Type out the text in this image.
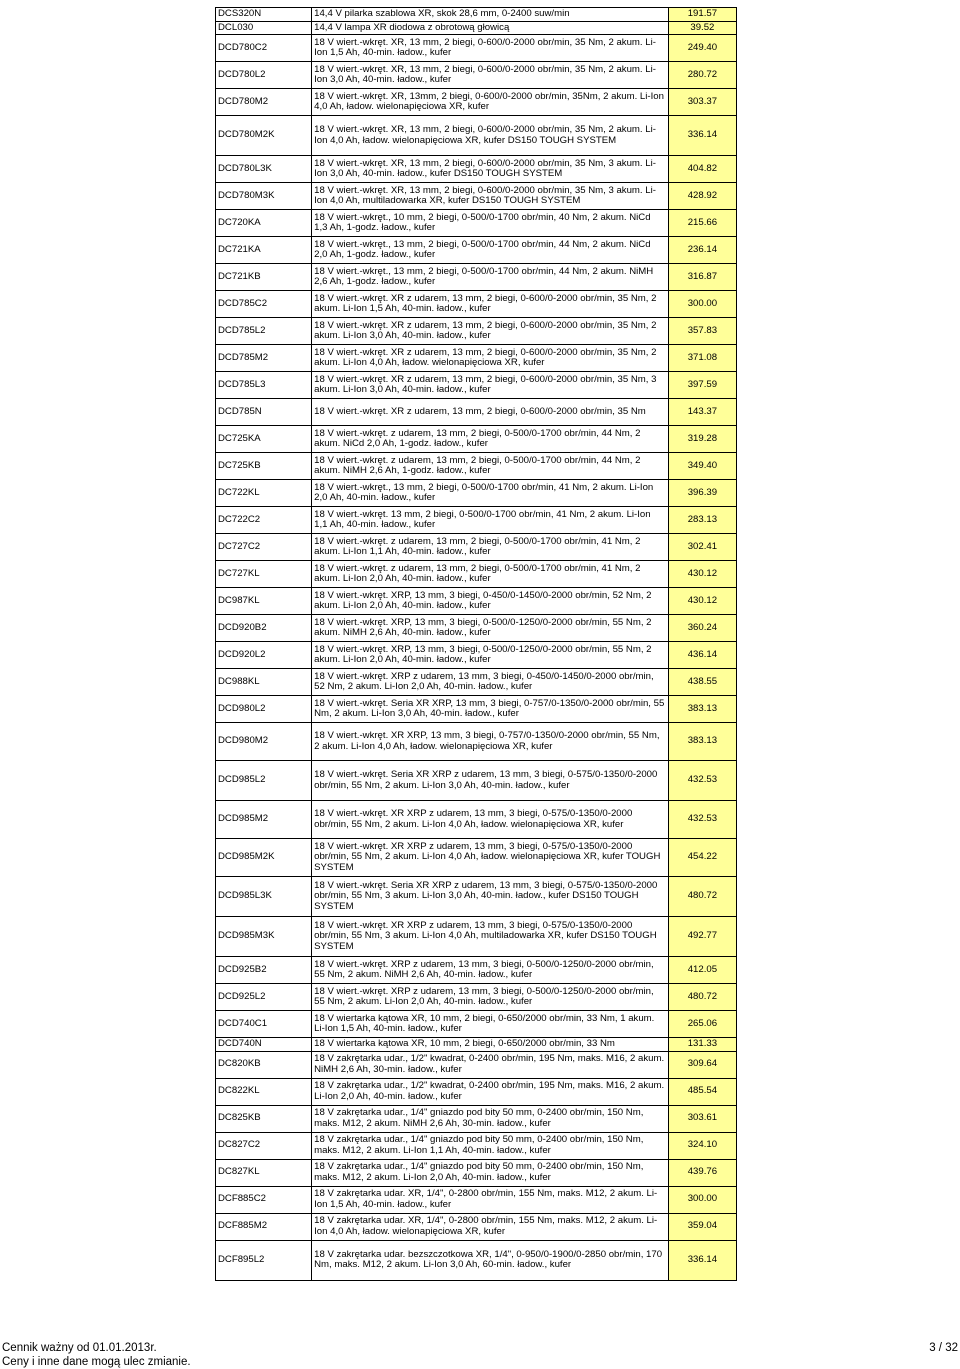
DCS320N	14,4 V pilarka szablowa XR, skok 28,6 mm, 0-2400 suw/min	191.57
DCL030	14,4 V lampa XR diodowa z obrotową głowicą	39.52
DCD780C2	18 V wiert.-wkręt. XR, 13 mm, 2 biegi, 0-600/0-2000 obr/min, 35 Nm, 2 akum. Li-Ion 1,5 Ah, 40-min. ładow., kufer	249.40
DCD780L2	18 V wiert.-wkręt. XR, 13 mm, 2 biegi, 0-600/0-2000 obr/min, 35 Nm, 2 akum. Li-Ion 3,0 Ah, 40-min. ładow., kufer	280.72
DCD780M2	18 V wiert.-wkręt. XR, 13mm, 2 biegi, 0-600/0-2000 obr/min, 35Nm, 2 akum. Li-Ion 4,0 Ah, ładow. wielonapięciowa XR, kufer	303.37
DCD780M2K	18 V wiert.-wkręt. XR, 13 mm, 2 biegi, 0-600/0-2000 obr/min, 35 Nm, 2 akum. Li-Ion 4,0 Ah, ładow. wielonapięciowa XR, kufer DS150 TOUGH SYSTEM	336.14
DCD780L3K	18 V wiert.-wkręt. XR, 13 mm, 2 biegi, 0-600/0-2000 obr/min, 35 Nm, 3 akum. Li-Ion 3,0 Ah, 40-min. ładow., kufer DS150 TOUGH SYSTEM	404.82
DCD780M3K	18 V wiert.-wkręt. XR, 13 mm, 2 biegi, 0-600/0-2000 obr/min, 35 Nm, 3 akum. Li-Ion 4,0 Ah, multiladowarka XR, kufer DS150 TOUGH SYSTEM	428.92
DC720KA	18 V wiert.-wkręt., 10 mm, 2 biegi, 0-500/0-1700 obr/min, 40 Nm, 2 akum. NiCd 1,3 Ah, 1-godz. ładow., kufer	215.66
DC721KA	18 V wiert.-wkręt., 13 mm, 2 biegi, 0-500/0-1700 obr/min, 44 Nm, 2 akum. NiCd 2,0 Ah, 1-godz. ładow., kufer	236.14
DC721KB	18 V wiert.-wkręt., 13 mm, 2 biegi, 0-500/0-1700 obr/min, 44 Nm, 2 akum. NiMH 2,6 Ah, 1-godz. ładow., kufer	316.87
DCD785C2	18 V wiert.-wkręt. XR z udarem, 13 mm, 2 biegi, 0-600/0-2000 obr/min, 35 Nm, 2 akum. Li-Ion 1,5 Ah, 40-min. ładow., kufer	300.00
DCD785L2	18 V wiert.-wkręt. XR z udarem, 13 mm, 2 biegi, 0-600/0-2000 obr/min, 35 Nm, 2 akum. Li-Ion 3,0 Ah, 40-min. ładow., kufer	357.83
DCD785M2	18 V wiert.-wkręt. XR z udarem, 13 mm, 2 biegi, 0-600/0-2000 obr/min, 35 Nm, 2 akum. Li-Ion 4,0 Ah, ładow. wielonapięciowa XR, kufer	371.08
DCD785L3	18 V wiert.-wkręt. XR z udarem, 13 mm, 2 biegi, 0-600/0-2000 obr/min, 35 Nm, 3 akum. Li-Ion 3,0 Ah, 40-min. ładow., kufer	397.59
DCD785N	18 V wiert.-wkręt. XR z udarem, 13 mm, 2 biegi, 0-600/0-2000 obr/min, 35 Nm	143.37
DC725KA	18 V wiert.-wkręt. z udarem, 13 mm, 2 biegi, 0-500/0-1700 obr/min, 44 Nm, 2 akum. NiCd 2,0 Ah, 1-godz. ładow., kufer	319.28
DC725KB	18 V wiert.-wkręt. z udarem, 13 mm, 2 biegi, 0-500/0-1700 obr/min, 44 Nm, 2 akum. NiMH 2,6 Ah, 1-godz. ładow., kufer	349.40
DC722KL	18 V wiert.-wkręt., 13 mm, 2 biegi, 0-500/0-1700 obr/min, 41 Nm, 2 akum. Li-Ion 2,0 Ah, 40-min. ładow., kufer	396.39
DC722C2	18 V wiert.-wkręt. 13 mm, 2 biegi, 0-500/0-1700 obr/min, 41 Nm, 2 akum. Li-Ion 1,1 Ah, 40-min. ładow., kufer	283.13
DC727C2	18 V wiert.-wkręt. z udarem, 13 mm, 2 biegi, 0-500/0-1700 obr/min, 41 Nm, 2 akum. Li-Ion 1,1 Ah, 40-min. ładow., kufer	302.41
DC727KL	18 V wiert.-wkręt. z udarem, 13 mm, 2 biegi, 0-500/0-1700 obr/min, 41 Nm, 2 akum. Li-Ion 2,0 Ah, 40-min. ładow., kufer	430.12
DC987KL	18 V wiert.-wkręt. XRP, 13 mm, 3 biegi, 0-450/0-1450/0-2000 obr/min, 52 Nm, 2 akum. Li-Ion 2,0 Ah, 40-min. ładow., kufer	430.12
DCD920B2	18 V wiert.-wkręt. XRP, 13 mm, 3 biegi, 0-500/0-1250/0-2000 obr/min, 55 Nm, 2 akum. NiMH 2,6 Ah, 40-min. ładow., kufer	360.24
DCD920L2	18 V wiert.-wkręt. XRP, 13 mm, 3 biegi, 0-500/0-1250/0-2000 obr/min, 55 Nm, 2 akum. Li-Ion 2,0 Ah, 40-min. ładow., kufer	436.14
DC988KL	18 V wiert.-wkręt. XRP z udarem, 13 mm, 3 biegi, 0-450/0-1450/0-2000 obr/min, 52 Nm, 2 akum. Li-Ion 2,0 Ah, 40-min. ładow., kufer	438.55
DCD980L2	18 V wiert.-wkręt. Seria XR XRP, 13 mm, 3 biegi, 0-757/0-1350/0-2000 obr/min, 55 Nm, 2 akum. Li-Ion 3,0 Ah, 40-min. ładow., kufer	383.13
DCD980M2	18 V wiert.-wkręt. XR XRP, 13 mm, 3 biegi, 0-757/0-1350/0-2000 obr/min, 55 Nm, 2 akum. Li-Ion 4,0 Ah, ładow. wielonapięciowa XR, kufer	383.13
DCD985L2	18 V wiert.-wkręt. Seria XR XRP z udarem, 13 mm, 3 biegi, 0-575/0-1350/0-2000 obr/min, 55 Nm, 2 akum. Li-Ion 3,0 Ah, 40-min. ładow., kufer	432.53
DCD985M2	18 V wiert.-wkręt. XR XRP z udarem, 13 mm, 3 biegi, 0-575/0-1350/0-2000 obr/min, 55 Nm, 2 akum. Li-Ion 4,0 Ah, ładow. wielonapięciowa XR, kufer	432.53
DCD985M2K	18 V wiert.-wkręt. XR XRP z udarem, 13 mm, 3 biegi, 0-575/0-1350/0-2000 obr/min, 55 Nm, 2 akum. Li-Ion 4,0 Ah, ładow. wielonapięciowa XR, kufer TOUGH SYSTEM	454.22
DCD985L3K	18 V wiert.-wkręt. Seria XR XRP z udarem, 13 mm, 3 biegi, 0-575/0-1350/0-2000 obr/min, 55 Nm, 3 akum. Li-Ion 3,0 Ah, 40-min. ładow., kufer DS150 TOUGH SYSTEM	480.72
DCD985M3K	18 V wiert.-wkręt. XR XRP z udarem, 13 mm, 3 biegi, 0-575/0-1350/0-2000 obr/min, 55 Nm, 3 akum. Li-Ion 4,0 Ah, multiladowarka XR, kufer DS150 TOUGH SYSTEM	492.77
DCD925B2	18 V wiert.-wkręt. XRP z udarem, 13 mm, 3 biegi, 0-500/0-1250/0-2000 obr/min, 55 Nm, 2 akum. NiMH 2,6 Ah, 40-min. ładow., kufer	412.05
DCD925L2	18 V wiert.-wkręt. XRP z udarem, 13 mm, 3 biegi, 0-500/0-1250/0-2000 obr/min, 55 Nm, 2 akum. Li-Ion 2,0 Ah, 40-min. ładow., kufer	480.72
DCD740C1	18 V wiertarka kątowa XR, 10 mm, 2 biegi, 0-650/2000 obr/min, 33 Nm, 1 akum. Li-Ion 1,5 Ah, 40-min. ładow., kufer	265.06
DCD740N	18 V wiertarka kątowa XR, 10 mm, 2 biegi, 0-650/2000 obr/min, 33 Nm	131.33
DC820KB	18 V zakrętarka udar., 1/2" kwadrat, 0-2400 obr/min, 195 Nm, maks. M16, 2 akum. NiMH 2,6 Ah, 30-min. ładow., kufer	309.64
DC822KL	18 V zakrętarka udar., 1/2" kwadrat, 0-2400 obr/min, 195 Nm, maks. M16, 2 akum. Li-Ion 2,0 Ah, 40-min. ładow., kufer	485.54
DC825KB	18 V zakrętarka udar., 1/4" gniazdo pod bity 50 mm, 0-2400 obr/min, 150 Nm, maks. M12, 2 akum. NiMH 2,6 Ah, 30-min. ładow., kufer	303.61
DC827C2	18 V zakrętarka udar., 1/4" gniazdo pod bity 50 mm, 0-2400 obr/min, 150 Nm, maks. M12, 2 akum. Li-Ion 1,1 Ah, 40-min. ładow., kufer	324.10
DC827KL	18 V zakrętarka udar., 1/4" gniazdo pod bity 50 mm, 0-2400 obr/min, 150 Nm, maks. M12, 2 akum. Li-Ion 2,0 Ah, 40-min. ładow., kufer	439.76
DCF885C2	18 V zakrętarka udar. XR, 1/4", 0-2800 obr/min, 155 Nm, maks. M12, 2 akum. Li-Ion 1,5 Ah, 40-min. ładow., kufer	300.00
DCF885M2	18 V zakrętarka udar. XR, 1/4", 0-2800 obr/min, 155 Nm, maks. M12, 2 akum. Li-Ion 4,0 Ah, ładow. wielonapięciowa XR, kufer	359.04
DCF895L2	18 V zakrętarka udar. bezszczotkowa XR, 1/4", 0-950/0-1900/0-2850 obr/min, 170 Nm, maks. M12, 2 akum. Li-Ion 3,0 Ah, 60-min. ładow., kufer	336.14
Cennik ważny od 01.01.2013r.
Ceny i inne dane mogą ulec zmianie.
3 / 32
